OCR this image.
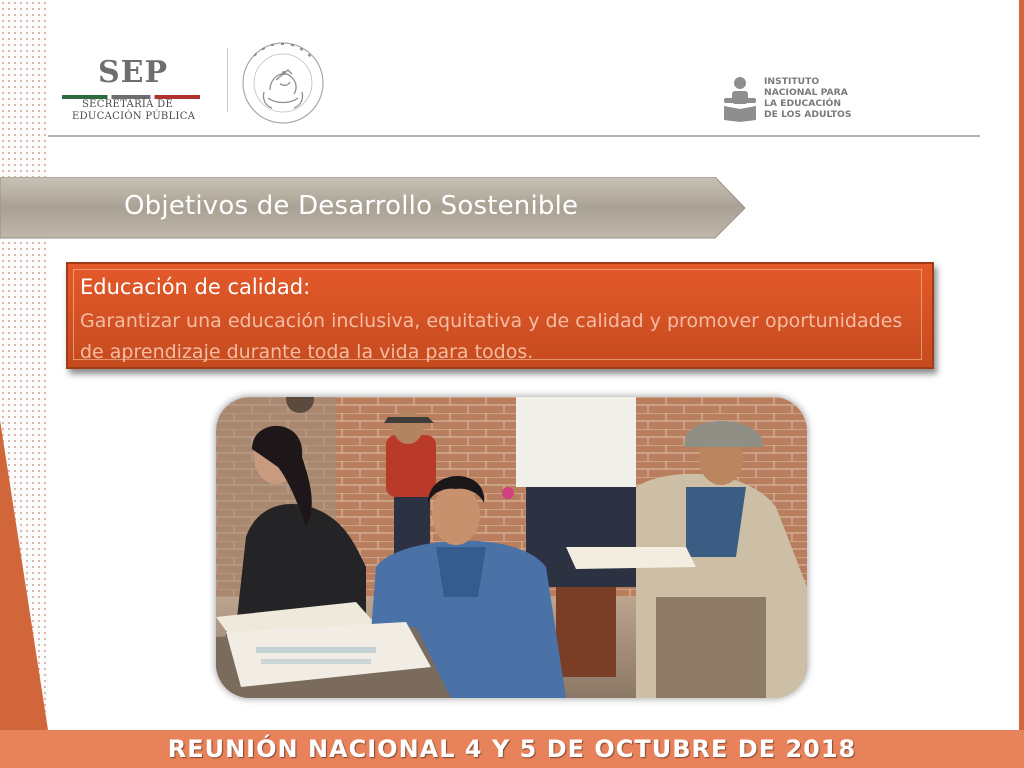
SEP
SECRETARÍA DE
EDUCACIÓN PÚBLICA
INSTITUTO
NACIONAL PARA
LA EDUCACIÓN
DE LOS ADULTOS
Objetivos de Desarrollo Sostenible
Educación de calidad:
Garantizar una educación inclusiva, equitativa y de calidad y promover oportunidades de aprendizaje durante toda la vida para todos.
REUNIÓN NACIONAL 4 Y 5 DE OCTUBRE DE 2018
